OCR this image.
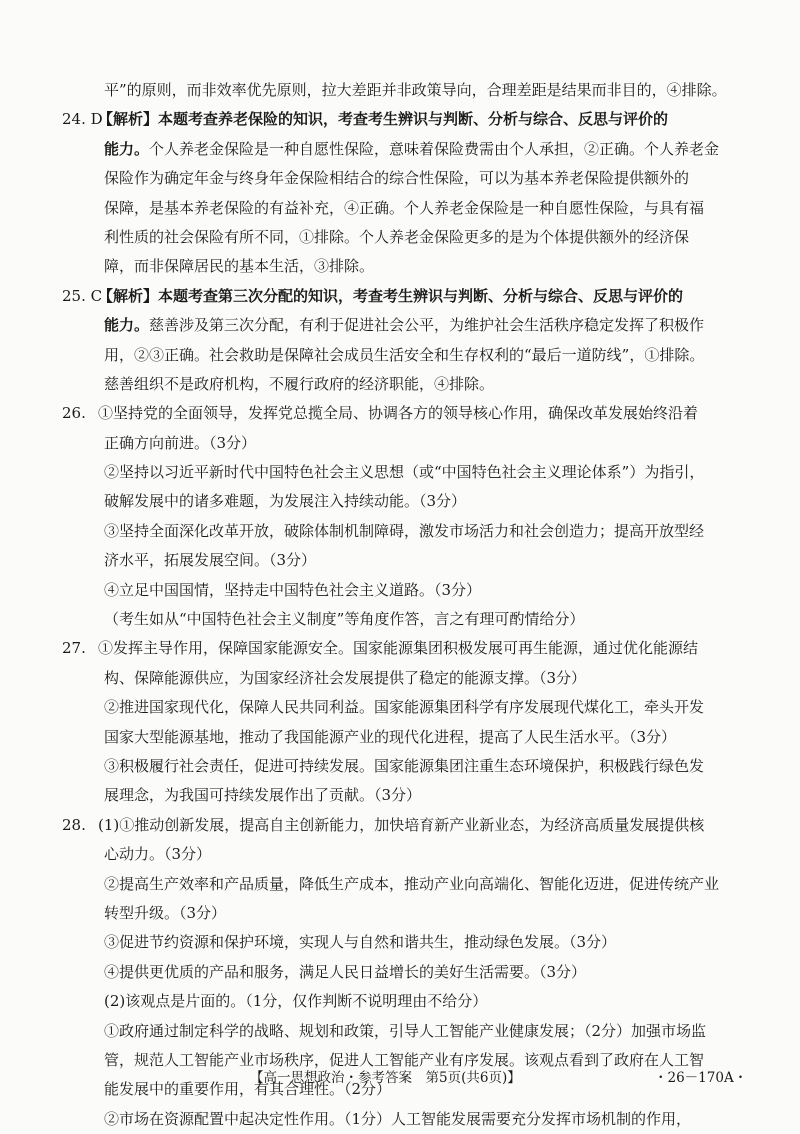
平”的原则，而非效率优先原则，拉大差距并非政策导向，合理差距是结果而非目的，④排除。
24. D【解析】本题考查养老保险的知识，考查考生辨识与判断、分析与综合、反思与评价的
能力。个人养老金保险是一种自愿性保险，意味着保险费需由个人承担，②正确。个人养老金
保险作为确定年金与终身年金保险相结合的综合性保险，可以为基本养老保险提供额外的
保障，是基本养老保险的有益补充，④正确。个人养老金保险是一种自愿性保险，与具有福
利性质的社会保险有所不同，①排除。个人养老金保险更多的是为个体提供额外的经济保
障，而非保障居民的基本生活，③排除。
25. C【解析】本题考查第三次分配的知识，考查考生辨识与判断、分析与综合、反思与评价的
能力。慈善涉及第三次分配，有利于促进社会公平，为维护社会生活秩序稳定发挥了积极作
用，②③正确。社会救助是保障社会成员生活安全和生存权利的“最后一道防线”，①排除。
慈善组织不是政府机构，不履行政府的经济职能，④排除。
26. ①坚持党的全面领导，发挥党总揽全局、协调各方的领导核心作用，确保改革发展始终沿着
正确方向前进。（3分）
②坚持以习近平新时代中国特色社会主义思想（或“中国特色社会主义理论体系”）为指引，
破解发展中的诸多难题，为发展注入持续动能。（3分）
③坚持全面深化改革开放，破除体制机制障碍，激发市场活力和社会创造力；提高开放型经
济水平，拓展发展空间。（3分）
④立足中国国情，坚持走中国特色社会主义道路。（3分）
（考生如从“中国特色社会主义制度”等角度作答，言之有理可酌情给分）
27. ①发挥主导作用，保障国家能源安全。国家能源集团积极发展可再生能源，通过优化能源结
构、保障能源供应，为国家经济社会发展提供了稳定的能源支撑。（3分）
②推进国家现代化，保障人民共同利益。国家能源集团科学有序发展现代煤化工，牵头开发
国家大型能源基地，推动了我国能源产业的现代化进程，提高了人民生活水平。（3分）
③积极履行社会责任，促进可持续发展。国家能源集团注重生态环境保护，积极践行绿色发
展理念，为我国可持续发展作出了贡献。（3分）
28. (1)①推动创新发展，提高自主创新能力，加快培育新产业新业态，为经济高质量发展提供核
心动力。（3分）
②提高生产效率和产品质量，降低生产成本，推动产业向高端化、智能化迈进，促进传统产业
转型升级。（3分）
③促进节约资源和保护环境，实现人与自然和谐共生，推动绿色发展。（3分）
④提供更优质的产品和服务，满足人民日益增长的美好生活需要。（3分）
(2)该观点是片面的。（1分，仅作判断不说明理由不给分）
①政府通过制定科学的战略、规划和政策，引导人工智能产业健康发展；（2分）加强市场监
管，规范人工智能产业市场秩序，促进人工智能产业有序发展。该观点看到了政府在人工智
能发展中的重要作用，有其合理性。（2分）
②市场在资源配置中起决定性作用。（1分）人工智能发展需要充分发挥市场机制的作用，
【高一思想政治・参考答案　第5页(共6页)】	・26－170A・
